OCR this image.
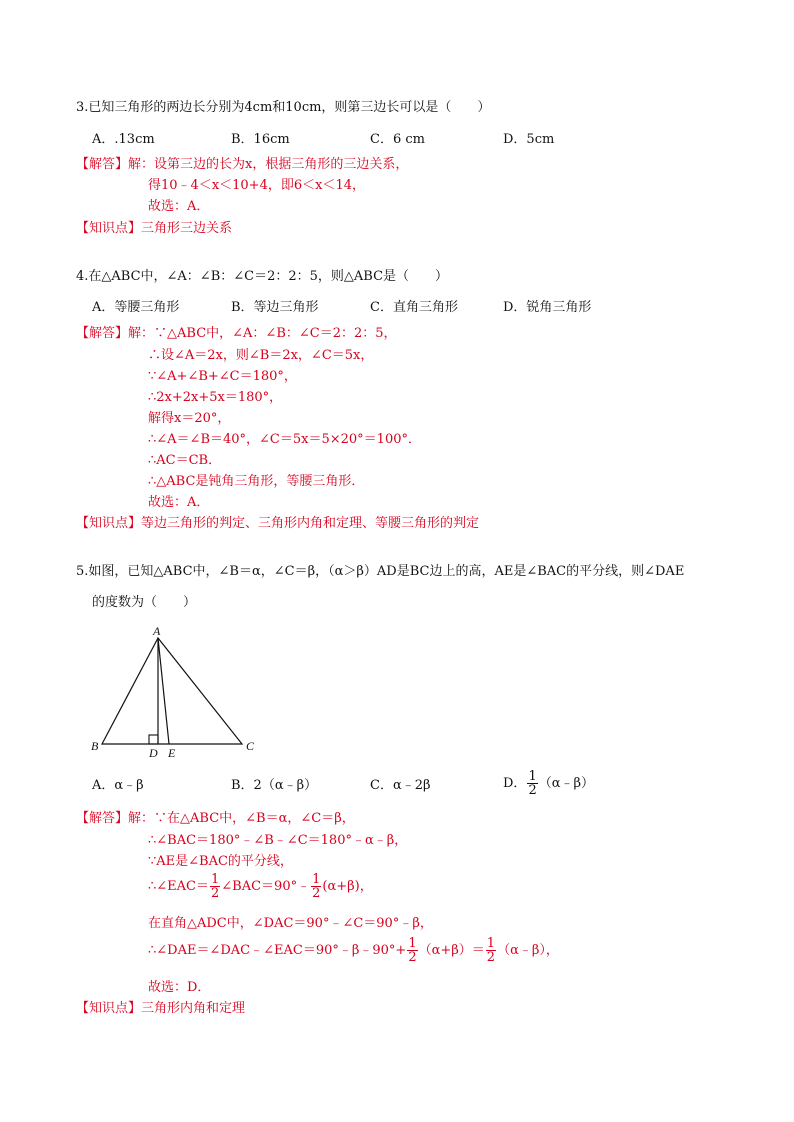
3.已知三角形的两边长分别为4cm和10cm，则第三边长可以是（　　）
A．.13cm	B．16cm	C．6 cm	D．5cm
【解答】解：设第三边的长为x，根据三角形的三边关系，
得10﹣4＜x＜10+4，即6＜x＜14，
故选：A．
【知识点】三角形三边关系
4.在△ABC中，∠A：∠B：∠C＝2：2：5，则△ABC是（　　）
A．等腰三角形	B．等边三角形	C．直角三角形	D．锐角三角形
【解答】解：∵△ABC中，∠A：∠B：∠C＝2：2：5，
∴设∠A＝2x，则∠B＝2x，∠C＝5x，
∵∠A+∠B+∠C＝180°，
∴2x+2x+5x＝180°，
解得x＝20°，
∴∠A＝∠B＝40°，∠C＝5x＝5×20°＝100°．
∴AC＝CB．
∴△ABC是钝角三角形，等腰三角形．
故选：A．
【知识点】等边三角形的判定、三角形内角和定理、等腰三角形的判定
5.如图，已知△ABC中，∠B＝α，∠C＝β，（α＞β）AD是BC边上的高，AE是∠BAC的平分线，则∠DAE
的度数为（　　）
A
B	C
D E
A．α﹣β	B．2（α﹣β）	C．α﹣2β	D． $\frac{1}{2}$ （α﹣β）
【解答】解：∵在△ABC中，∠B＝α，∠C＝β，
∴∠BAC＝180°﹣∠B﹣∠C＝180°﹣α﹣β，
∵AE是∠BAC的平分线，
∴∠EAC＝ $\frac{1}{2}$ ∠BAC＝90°﹣ $\frac{1}{2} (\alpha+\beta)$，
在直角△ADC中，∠DAC＝90°﹣∠C＝90°﹣β，
∴∠DAE＝∠DAC﹣∠EAC＝90°﹣β﹣90°+ $\frac{1}{2} (\alpha+\beta)= \frac{1}{2}$ （α﹣β），
故选：D．
【知识点】三角形内角和定理
